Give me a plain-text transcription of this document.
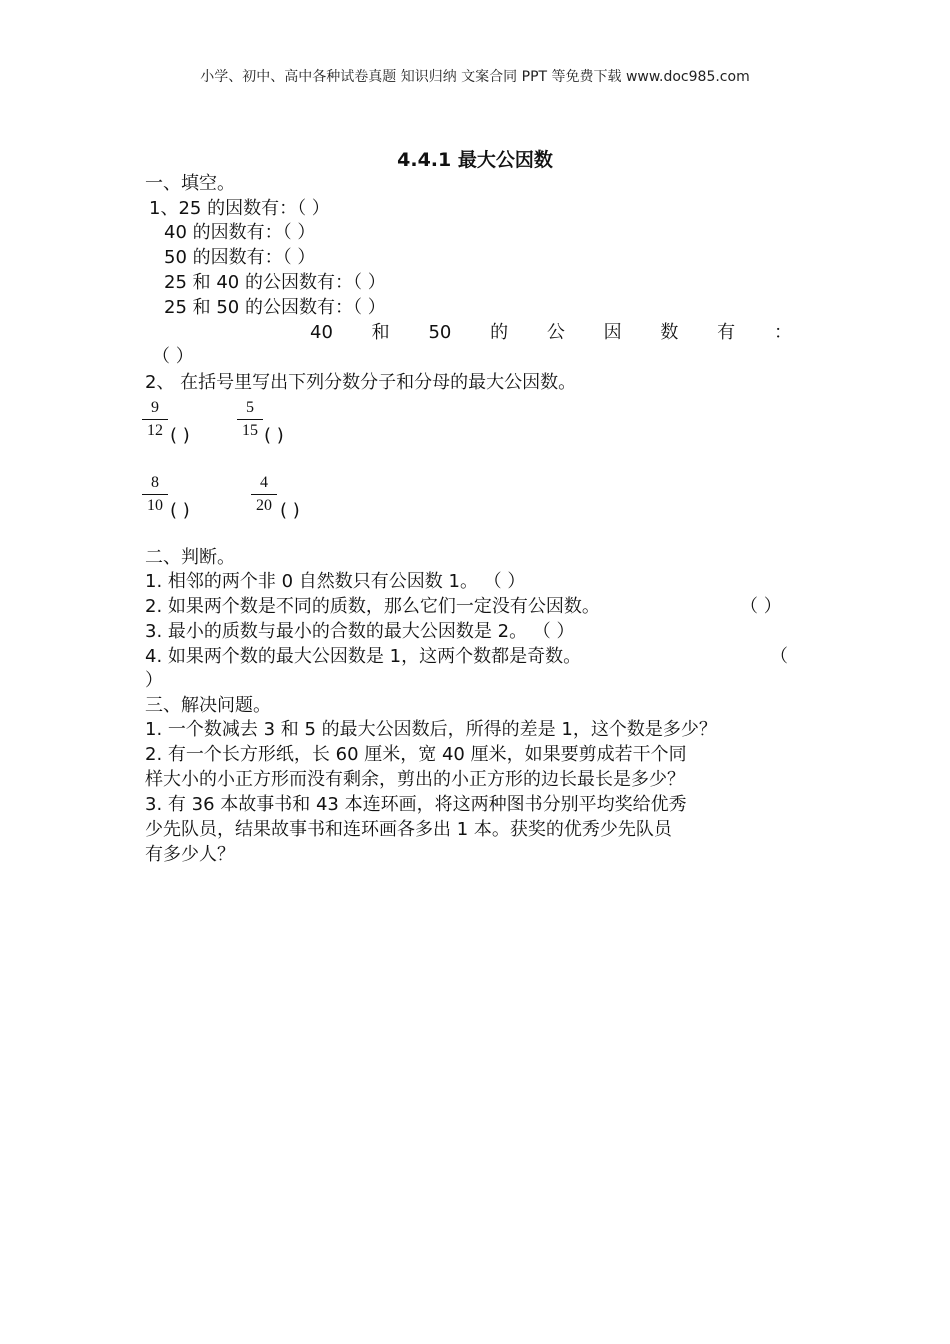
小学、初中、高中各种试卷真题 知识归纳 文案合同 PPT 等免费下载 www.doc985.com
4.4.1 最大公因数
一、填空。
1、25 的因数有：（ ）
40 的因数有：（ ）
50 的因数有：（ ）
25 和 40 的公因数有：（ ）
25 和 50 的公因数有：（ ）
40 和 50 的 公 因 数 有 ：
（ ）
2、 在括号里写出下列分数分子和分母的最大公因数。
9
12 ( )
5
15 ( )
8
10 ( )
4
20 ( )
二、判断。
1. 相邻的两个非 0 自然数只有公因数 1。 （ ）
2. 如果两个数是不同的质数，那么它们一定没有公因数。	（ ）
3. 最小的质数与最小的合数的最大公因数是 2。 （ ）
4. 如果两个数的最大公因数是 1，这两个数都是奇数。	（
）
三、解决问题。
1. 一个数减去 3 和 5 的最大公因数后，所得的差是 1，这个数是多少？
2. 有一个长方形纸，长 60 厘米，宽 40 厘米，如果要剪成若干个同
样大小的小正方形而没有剩余，剪出的小正方形的边长最长是多少？
3. 有 36 本故事书和 43 本连环画，将这两种图书分别平均奖给优秀
少先队员，结果故事书和连环画各多出 1 本。获奖的优秀少先队员
有多少人？
